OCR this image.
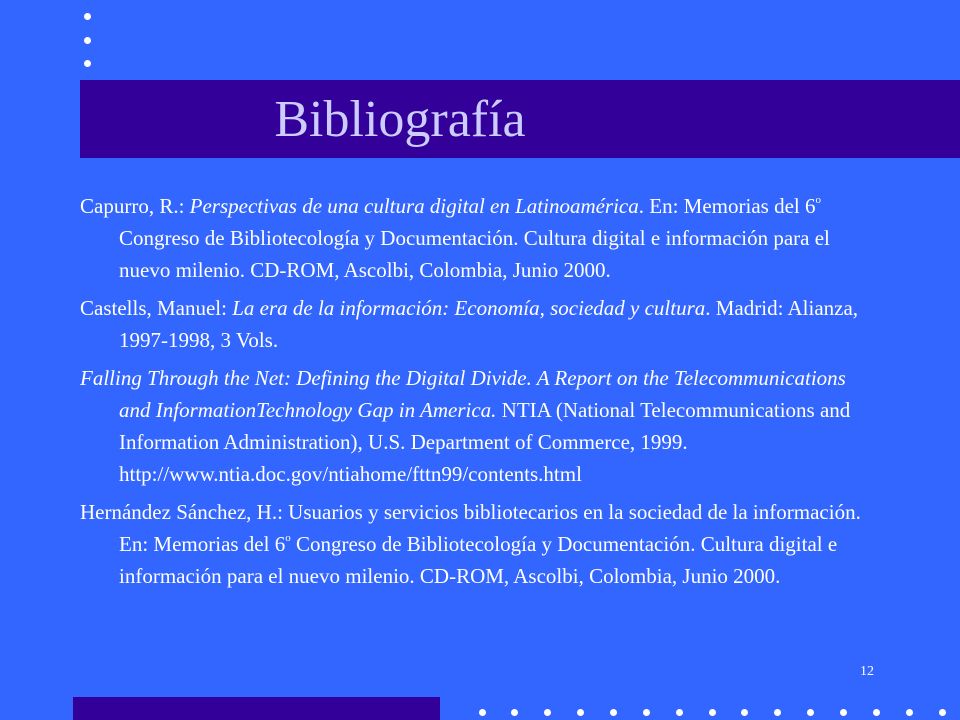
Bibliografía

Capurro, R.: Perspectivas de una cultura digital en Latinoamérica. En: Memorias del 6$^o$ Congreso de Bibliotecología y Documentación. Cultura digital e información para el nuevo milenio. CD-ROM, Ascolbi, Colombia, Junio 2000.

Castells, Manuel: La era de la información: Economía, sociedad y cultura. Madrid: Alianza, 1997-1998, 3 Vols.

Falling Through the Net: Defining the Digital Divide. A Report on the Telecommunications and InformationTechnology Gap in America. NTIA (National Telecommunications and Information Administration), U.S. Department of Commerce, 1999. http://www.ntia.doc.gov/ntiahome/fttn99/contents.html

Hernández Sánchez, H.: Usuarios y servicios bibliotecarios en la sociedad de la información. En: Memorias del 6$^o$ Congreso de Bibliotecología y Documentación. Cultura digital e información para el nuevo milenio. CD-ROM, Ascolbi, Colombia, Junio 2000.

12
